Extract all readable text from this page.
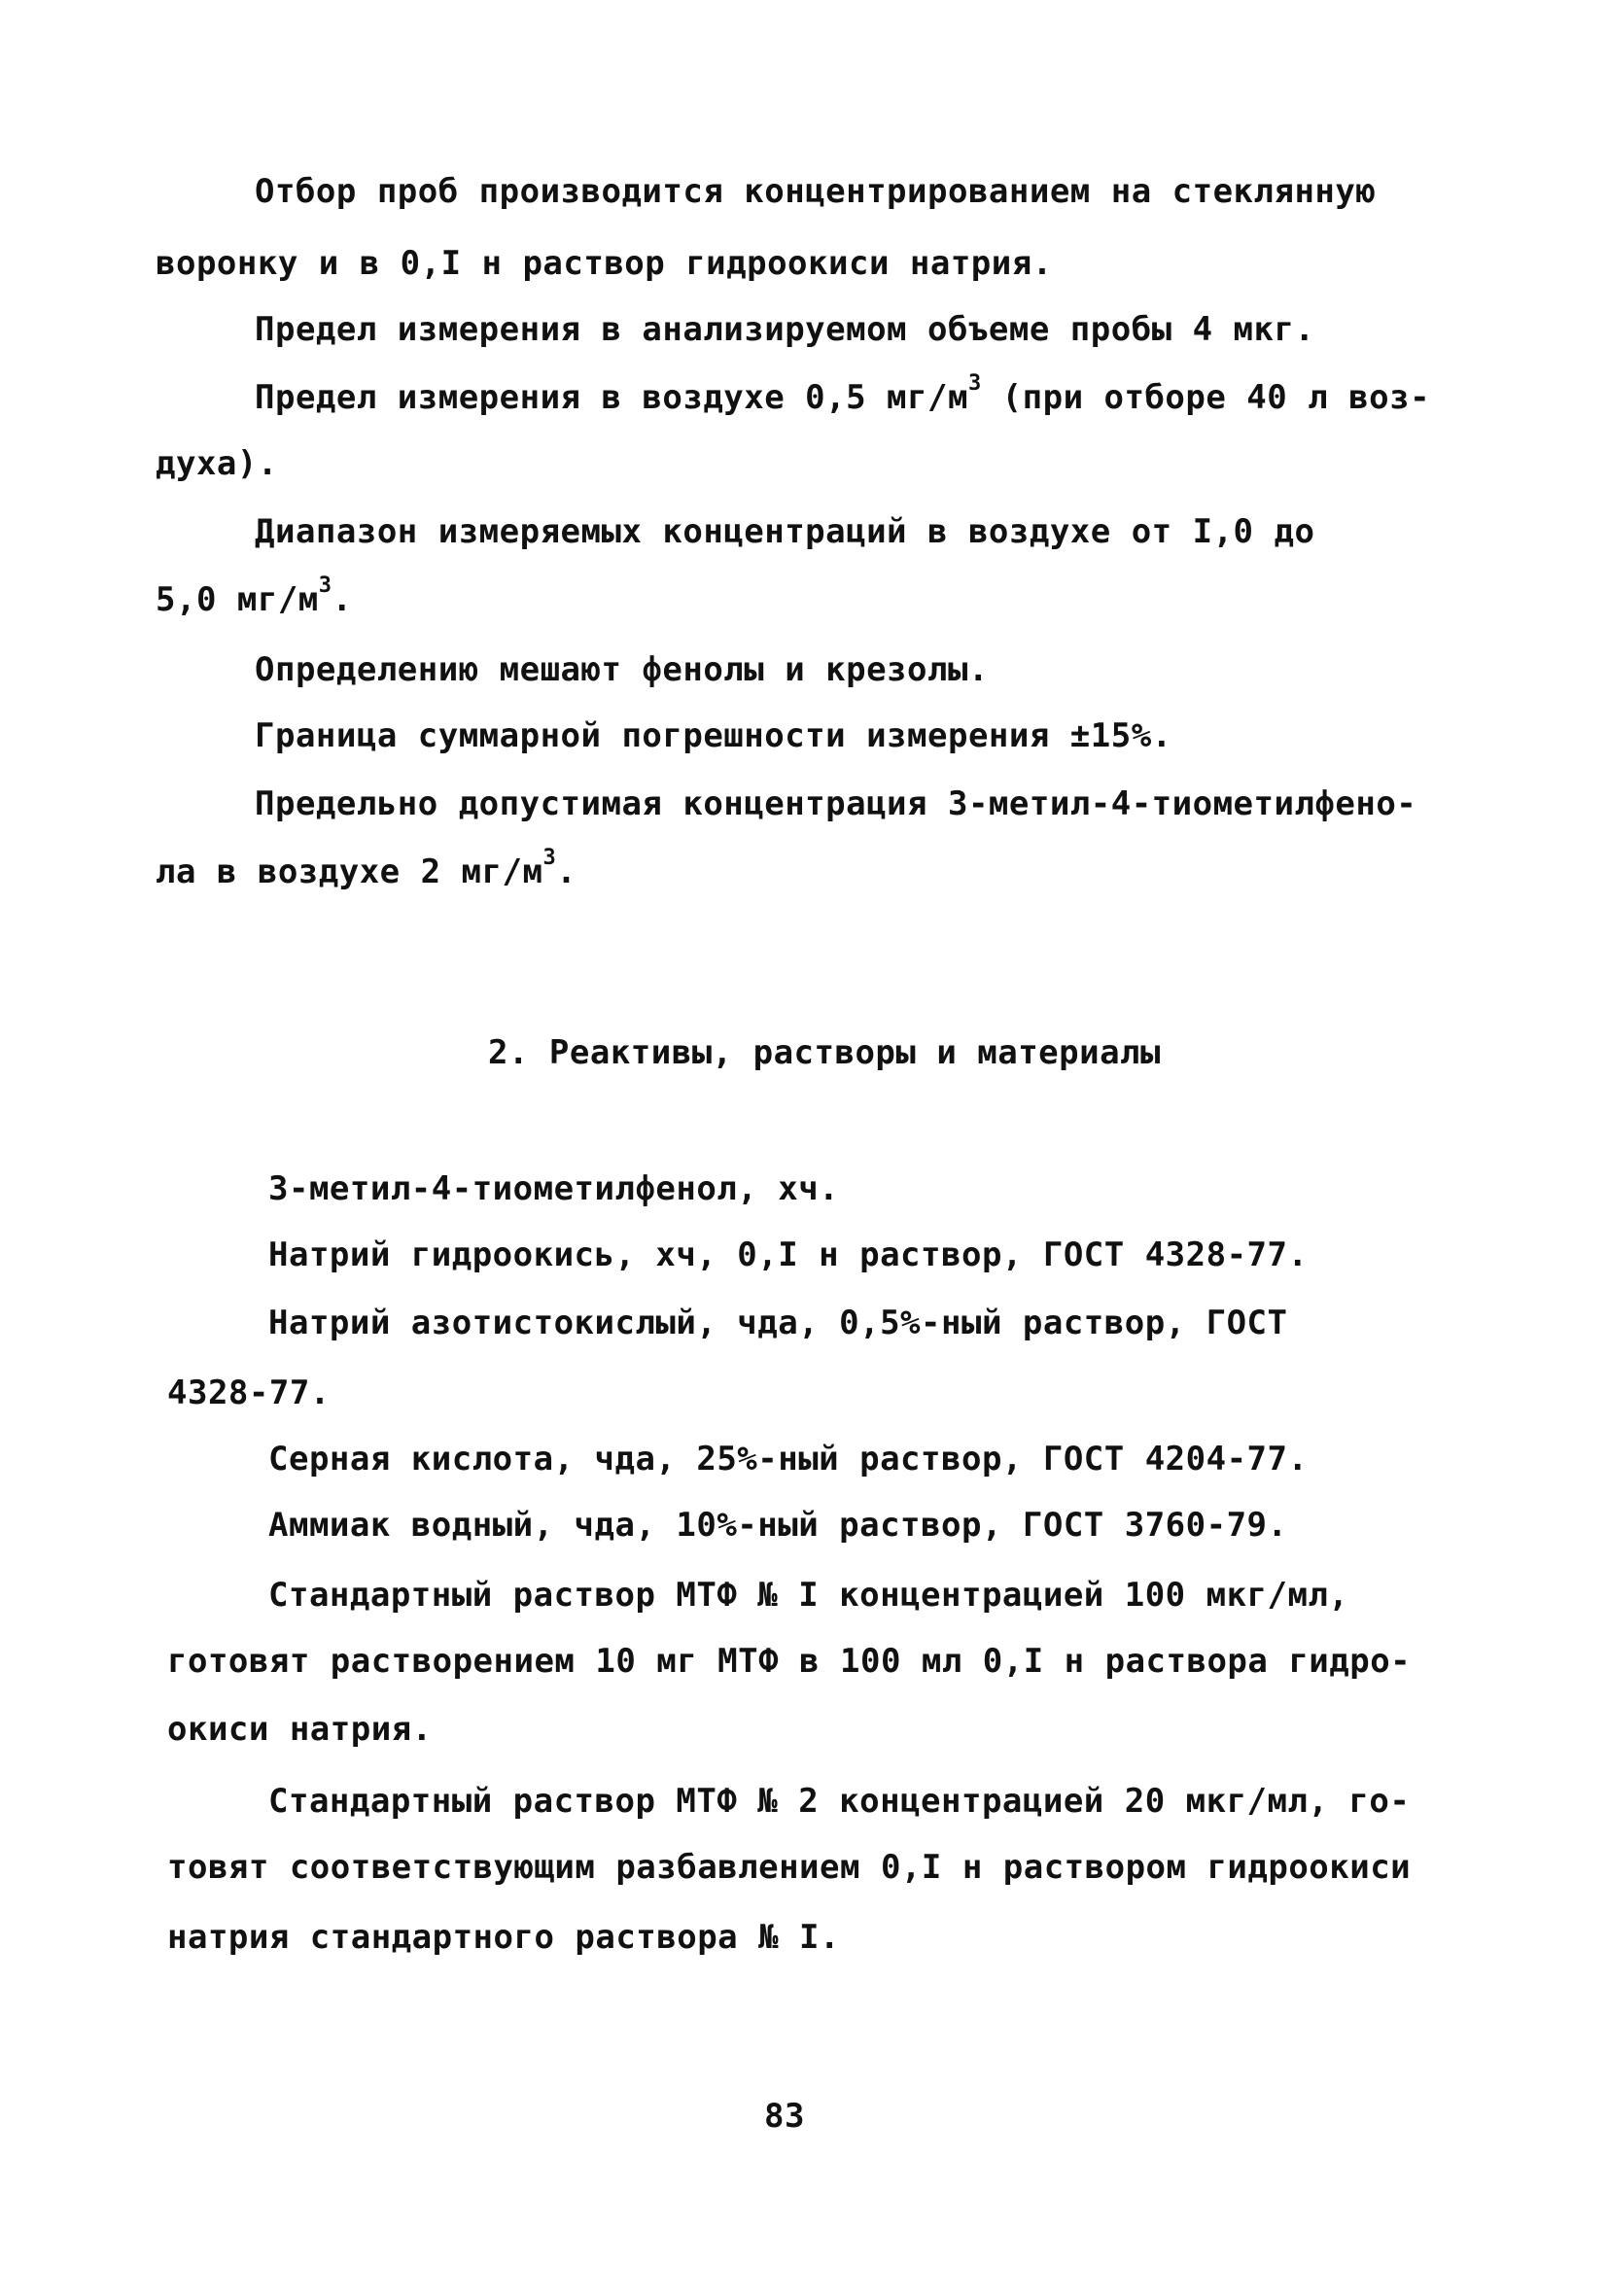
Отбор проб производится концентрированием на стеклянную
воронку и в 0,I н раствор гидроокиси натрия.
Предел измерения в анализируемом объеме пробы 4 мкг.
Предел измерения в воздухе 0,5 $мг/м^3$ (при отборе 40 л воз-
духа).
Диапазон измеряемых концентраций в воздухе от I,0 до
5,0 $мг/м^3$.
Определению мешают фенолы и крезолы.
Граница суммарной погрешности измерения ±15%.
Предельно допустимая концентрация 3-метил-4-тиометилфено-
ла в воздухе 2 $мг/м^3$.
2. Реактивы, растворы и материалы
3-метил-4-тиометилфенол, хч.
Натрий гидроокись, хч, 0,I н раствор, ГОСТ 4328-77.
Натрий азотистокислый, чда, 0,5%-ный раствор, ГОСТ
4328-77.
Серная кислота, чда, 25%-ный раствор, ГОСТ 4204-77.
Аммиак водный, чда, 10%-ный раствор, ГОСТ 3760-79.
Стандартный раствор МТФ № I концентрацией 100 мкг/мл,
готовят растворением 10 мг МТФ в 100 мл 0,I н раствора гидро-
окиси натрия.
Стандартный раствор МТФ № 2 концентрацией 20 мкг/мл, го-
товят соответствующим разбавлением 0,I н раствором гидроокиси
натрия стандартного раствора № I.
83
